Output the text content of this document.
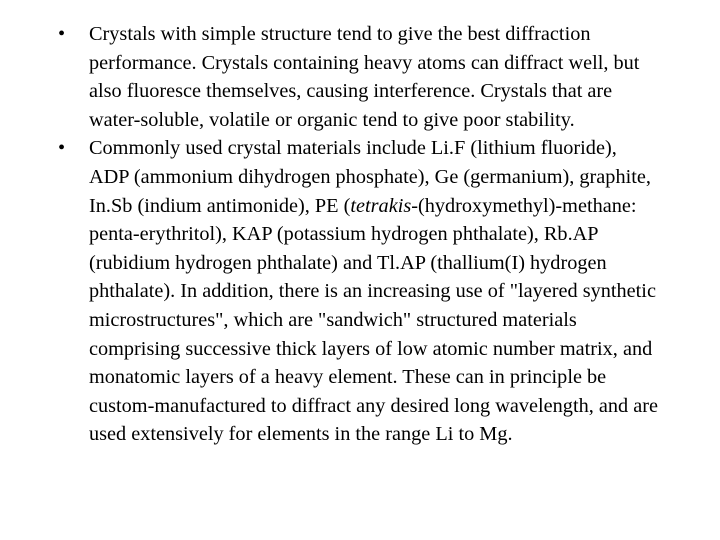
• Crystals with simple structure tend to give the best diffraction performance. Crystals containing heavy atoms can diffract well, but also fluoresce themselves, causing interference. Crystals that are water-soluble, volatile or organic tend to give poor stability.
• Commonly used crystal materials include Li.F (lithium fluoride), ADP (ammonium dihydrogen phosphate), Ge (germanium), graphite, In.Sb (indium antimonide), PE (tetrakis-(hydroxymethyl)-methane: penta-erythritol), KAP (potassium hydrogen phthalate), Rb.AP (rubidium hydrogen phthalate) and Tl.AP (thallium(I) hydrogen phthalate). In addition, there is an increasing use of "layered synthetic microstructures", which are "sandwich" structured materials comprising successive thick layers of low atomic number matrix, and monatomic layers of a heavy element. These can in principle be custom-manufactured to diffract any desired long wavelength, and are used extensively for elements in the range Li to Mg.
